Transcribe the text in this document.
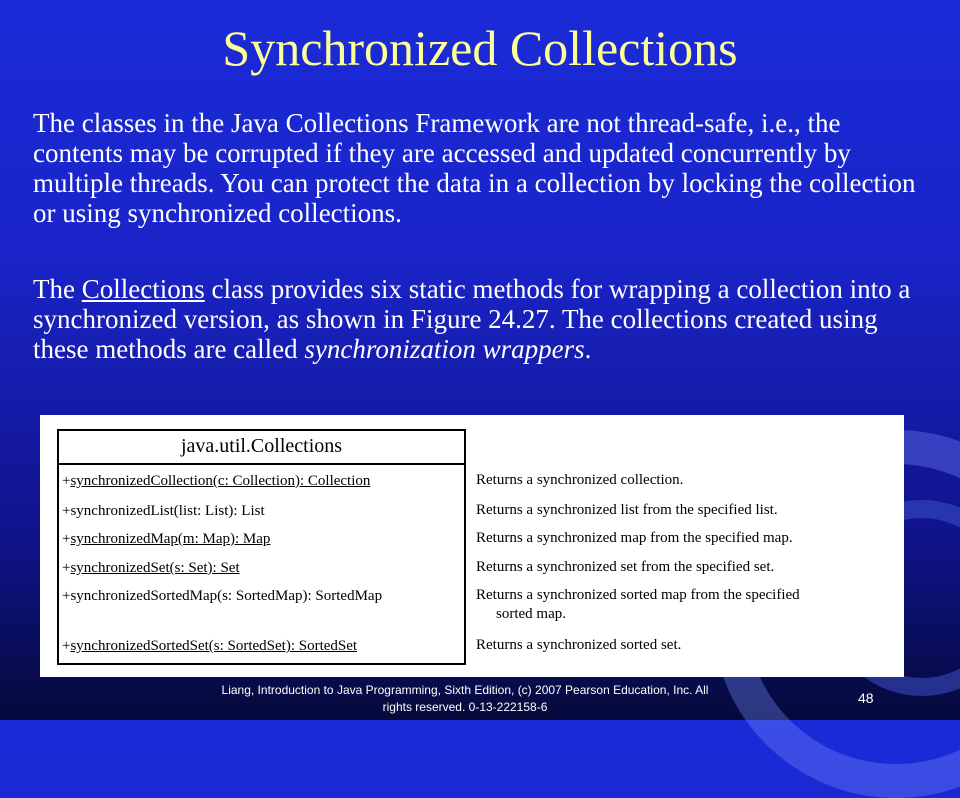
Synchronized Collections

The classes in the Java Collections Framework are not thread-safe, i.e., the contents may be corrupted if they are accessed and updated concurrently by multiple threads. You can protect the data in a collection by locking the collection or using synchronized collections.

The Collections class provides six static methods for wrapping a collection into a synchronized version, as shown in Figure 24.27. The collections created using these methods are called synchronization wrappers.

java.util.Collections
+synchronizedCollection(c: Collection): Collection
+synchronizedList(list: List): List
+synchronizedMap(m: Map): Map
+synchronizedSet(s: Set): Set
+synchronizedSortedMap(s: SortedMap): SortedMap
+synchronizedSortedSet(s: SortedSet): SortedSet
Returns a synchronized collection.
Returns a synchronized list from the specified list.
Returns a synchronized map from the specified map.
Returns a synchronized set from the specified set.
Returns a synchronized sorted map from the specified
sorted map.
Returns a synchronized sorted set.
Liang, Introduction to Java Programming, Sixth Edition, (c) 2007 Pearson Education, Inc. All
rights reserved. 0-13-222158-6
48
